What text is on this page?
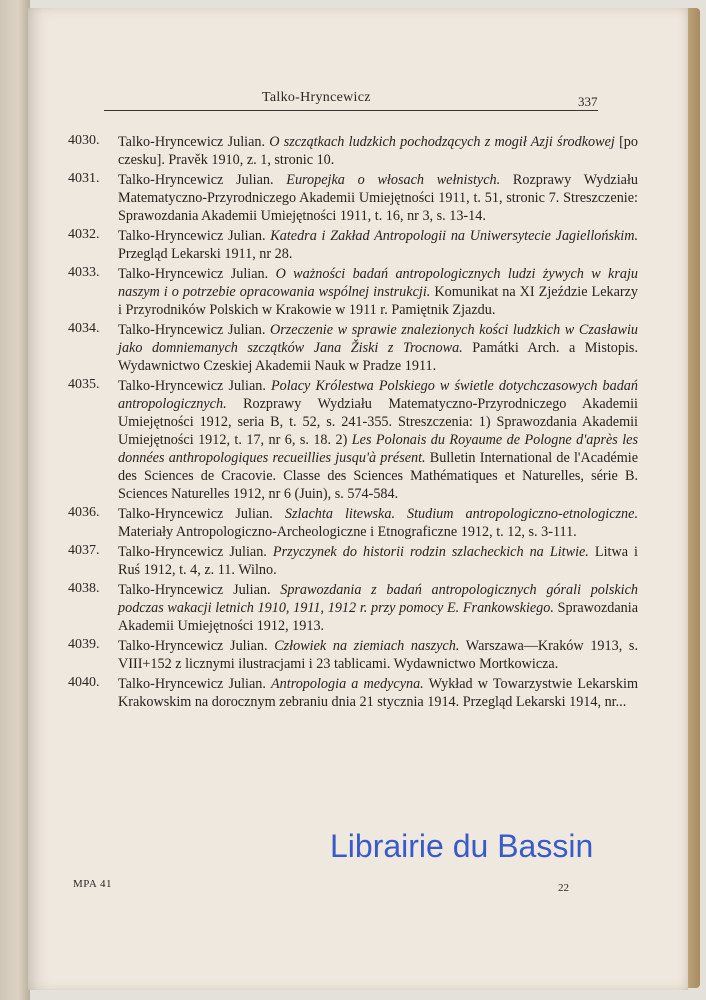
Talko-Hryncewicz	337
4030.	Talko-Hryncewicz Julian. O szczątkach ludzkich pochodzących z mogił Azji środkowej [po czesku]. Pravěk 1910, z. 1, stronic 10.
4031.	Talko-Hryncewicz Julian. Europejka o włosach wełnistych. Rozprawy Wydziału Matematyczno-Przyrodniczego Akademii Umiejętności 1911, t. 51, stronic 7. Streszczenie: Sprawozdania Akademii Umiejętności 1911, t. 16, nr 3, s. 13-14.
4032.	Talko-Hryncewicz Julian. Katedra i Zakład Antropologii na Uniwersytecie Jagiellońskim. Przegląd Lekarski 1911, nr 28.
4033.	Talko-Hryncewicz Julian. O ważności badań antropologicznych ludzi żywych w kraju naszym i o potrzebie opracowania wspólnej instrukcji. Komunikat na XI Zjeździe Lekarzy i Przyrodników Polskich w Krakowie w 1911 r. Pamiętnik Zjazdu.
4034.	Talko-Hryncewicz Julian. Orzeczenie w sprawie znalezionych kości ludzkich w Czasławiu jako domniemanych szczątków Jana Žiski z Trocnowa. Památki Arch. a Mistopis. Wydawnictwo Czeskiej Akademii Nauk w Pradze 1911.
4035.	Talko-Hryncewicz Julian. Polacy Królestwa Polskiego w świetle dotychczasowych badań antropologicznych. Rozprawy Wydziału Matematyczno-Przyrodniczego Akademii Umiejętności 1912, seria B, t. 52, s. 241-355. Streszczenia: 1) Sprawozdania Akademii Umiejętności 1912, t. 17, nr 6, s. 18. 2) Les Polonais du Royaume de Pologne d'après les données anthropologiques recueillies jusqu'à présent. Bulletin International de l'Académie des Sciences de Cracovie. Classe des Sciences Mathématiques et Naturelles, série B. Sciences Naturelles 1912, nr 6 (Juin), s. 574-584.
4036.	Talko-Hryncewicz Julian. Szlachta litewska. Studium antropologiczno-etnologiczne. Materiały Antropologiczno-Archeologiczne i Etnograficzne 1912, t. 12, s. 3-111.
4037.	Talko-Hryncewicz Julian. Przyczynek do historii rodzin szlacheckich na Litwie. Litwa i Ruś 1912, t. 4, z. 11. Wilno.
4038.	Talko-Hryncewicz Julian. Sprawozdania z badań antropologicznych górali polskich podczas wakacji letnich 1910, 1911, 1912 r. przy pomocy E. Frankowskiego. Sprawozdania Akademii Umiejętności 1912, 1913.
4039.	Talko-Hryncewicz Julian. Człowiek na ziemiach naszych. Warszawa—Kraków 1913, s. VIII+152 z licznymi ilustracjami i 23 tablicami. Wydawnictwo Mortkowicza.
4040.	Talko-Hryncewicz Julian. Antropologia a medycyna. Wykład w Towarzystwie Lekarskim Krakowskim na dorocznym zebraniu dnia 21 stycznia 1914. Przegląd Lekarski 1914, nr...
MPA 41	22
Librairie du Bassin
